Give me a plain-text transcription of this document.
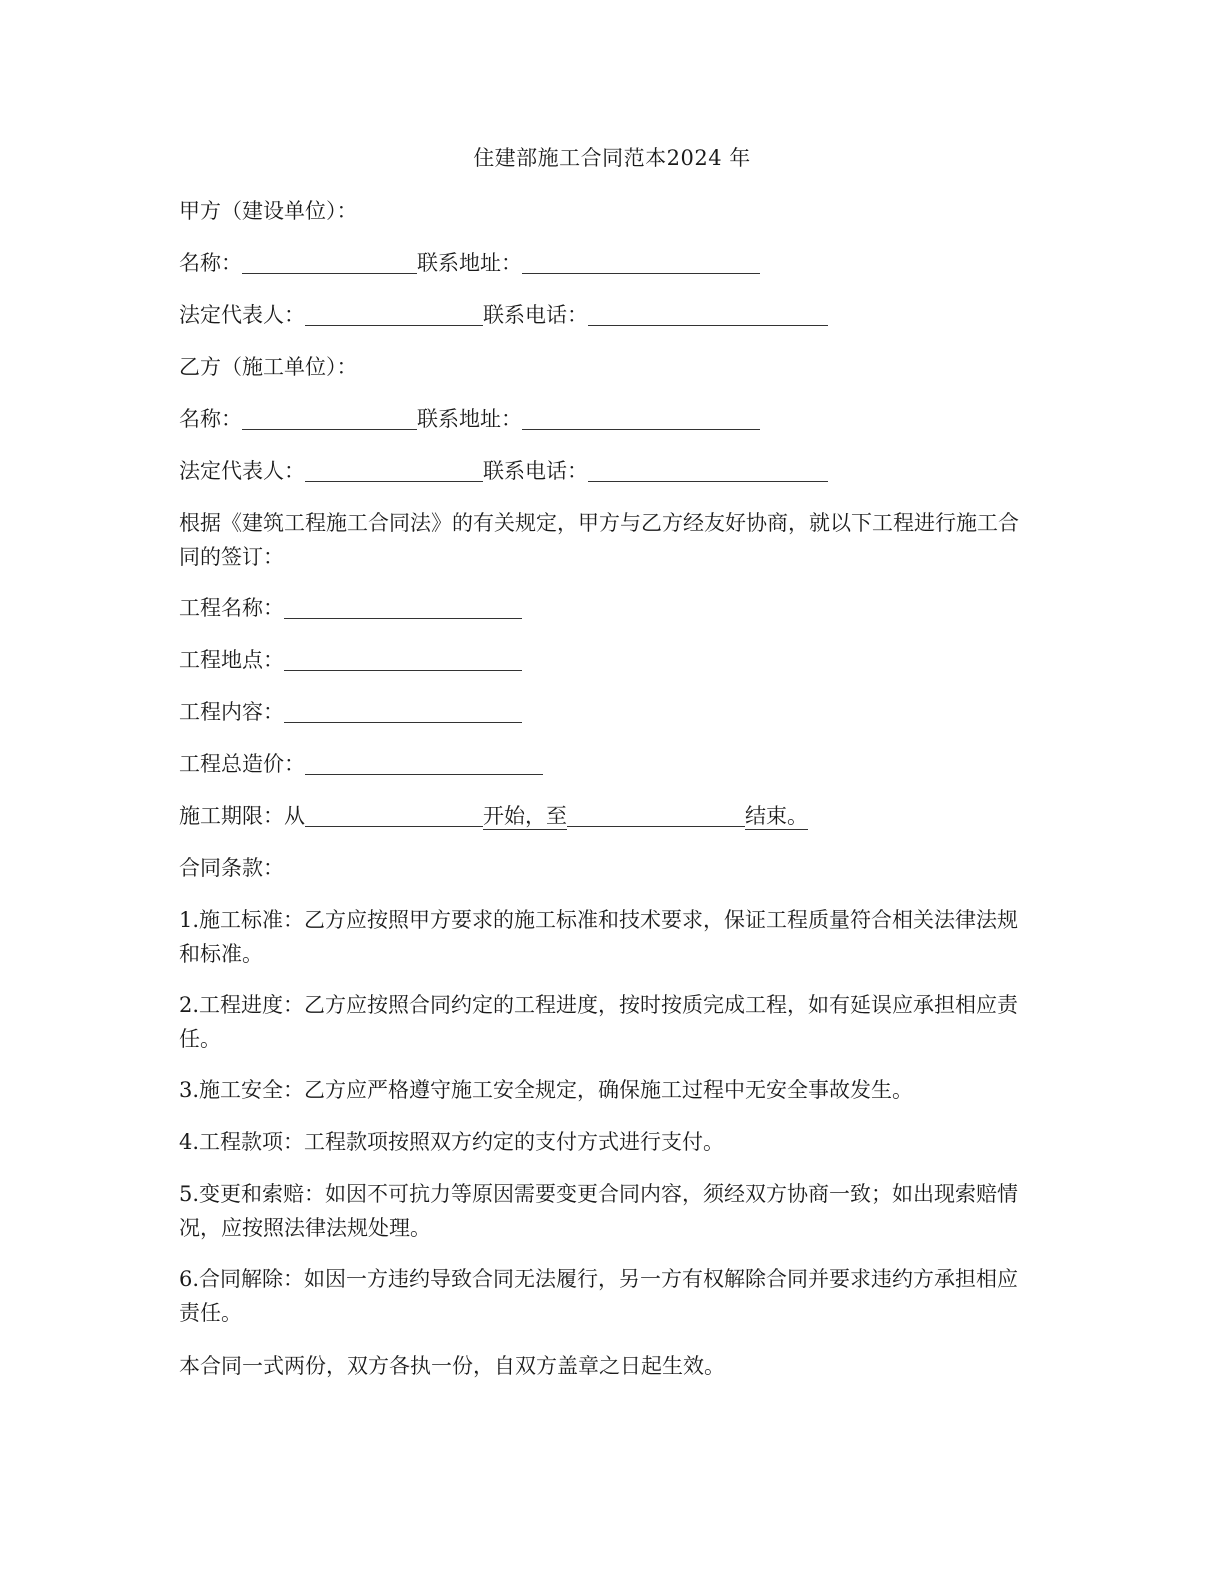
住建部施工合同范本2024 年
甲方（建设单位）：
名称：	联系地址：
法定代表人：	联系电话：
乙方（施工单位）：
名称：	联系地址：
法定代表人：	联系电话：
根据《建筑工程施工合同法》的有关规定，甲方与乙方经友好协商，就以下工程进行施工合同的签订：
工程名称：
工程地点：
工程内容：
工程总造价：
施工期限：从	开始，至	结束。
合同条款：
1.施工标准：乙方应按照甲方要求的施工标准和技术要求，保证工程质量符合相关法律法规和标准。
2.工程进度：乙方应按照合同约定的工程进度，按时按质完成工程，如有延误应承担相应责任。
3.施工安全：乙方应严格遵守施工安全规定，确保施工过程中无安全事故发生。
4.工程款项：工程款项按照双方约定的支付方式进行支付。
5.变更和索赔：如因不可抗力等原因需要变更合同内容，须经双方协商一致；如出现索赔情况，应按照法律法规处理。
6.合同解除：如因一方违约导致合同无法履行，另一方有权解除合同并要求违约方承担相应责任。
本合同一式两份，双方各执一份，自双方盖章之日起生效。
